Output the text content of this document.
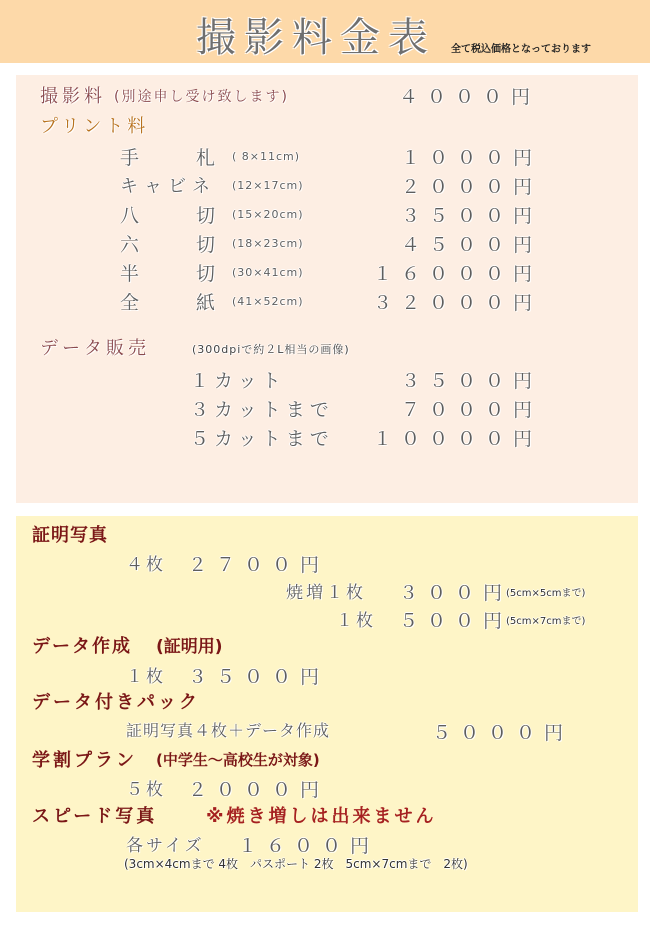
撮影料金表 全て税込価格となっております
撮影料 (別途申し受け致します)	４０００円
プリント料
手	札 ( 8×11cm)	１０００円
キャビネ (12×17cm)	２０００円
八	切 (15×20cm)	３５００円
六	切 (18×23cm)	４５００円
半	切 (30×41cm)	１６０００円
全	紙 (41×52cm)	３２０００円
データ販売	(300dpiで約２L相当の画像)
１カット	３５００円
３カットまで	７０００円
５カットまで １００００円
証明写真
４枚 ２７００円
焼増１枚 ３００円
(5cm×5cmまで)
１枚 ５００円
(5cm×7cmまで)
データ作成 (証明用)
１枚 ３５００円
データ付きパック
証明写真４枚＋データ作成	５０００円
学割プラン (中学生～高校生が対象)
５枚 ２０００円
スピード写真	※焼き増しは出来ません
各サイズ １６００円
(3cm×4cmまで 4枚　パスポート 2枚　5cm×7cmまで　2枚)
